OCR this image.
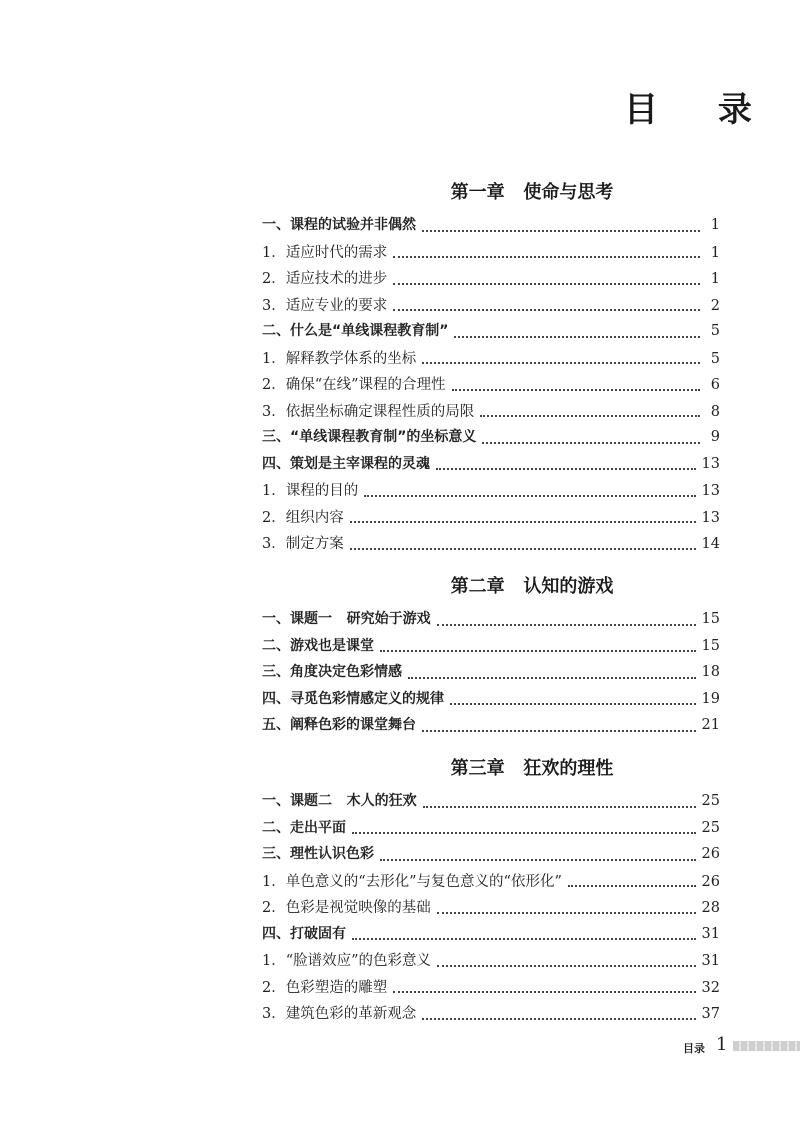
目 录
第一章   使命与思考
一、课程的试验并非偶然	1
1．适应时代的需求	1
2．适应技术的进步	1
3．适应专业的要求	2
二、什么是“单线课程教育制”	5
1．解释教学体系的坐标	5
2．确保“在线”课程的合理性	6
3．依据坐标确定课程性质的局限	8
三、“单线课程教育制”的坐标意义	9
四、策划是主宰课程的灵魂	13
1．课程的目的	13
2．组织内容	13
3．制定方案	14
第二章   认知的游戏
一、课题一   研究始于游戏	15
二、游戏也是课堂	15
三、角度决定色彩情感	18
四、寻觅色彩情感定义的规律	19
五、阐释色彩的课堂舞台	21
第三章   狂欢的理性
一、课题二   木人的狂欢	25
二、走出平面	25
三、理性认识色彩	26
1．单色意义的“去形化”与复色意义的“依形化”	26
2．色彩是视觉映像的基础	28
四、打破固有	31
1．“脸谱效应”的色彩意义	31
2．色彩塑造的雕塑	32
3．建筑色彩的革新观念	37
目录 1
